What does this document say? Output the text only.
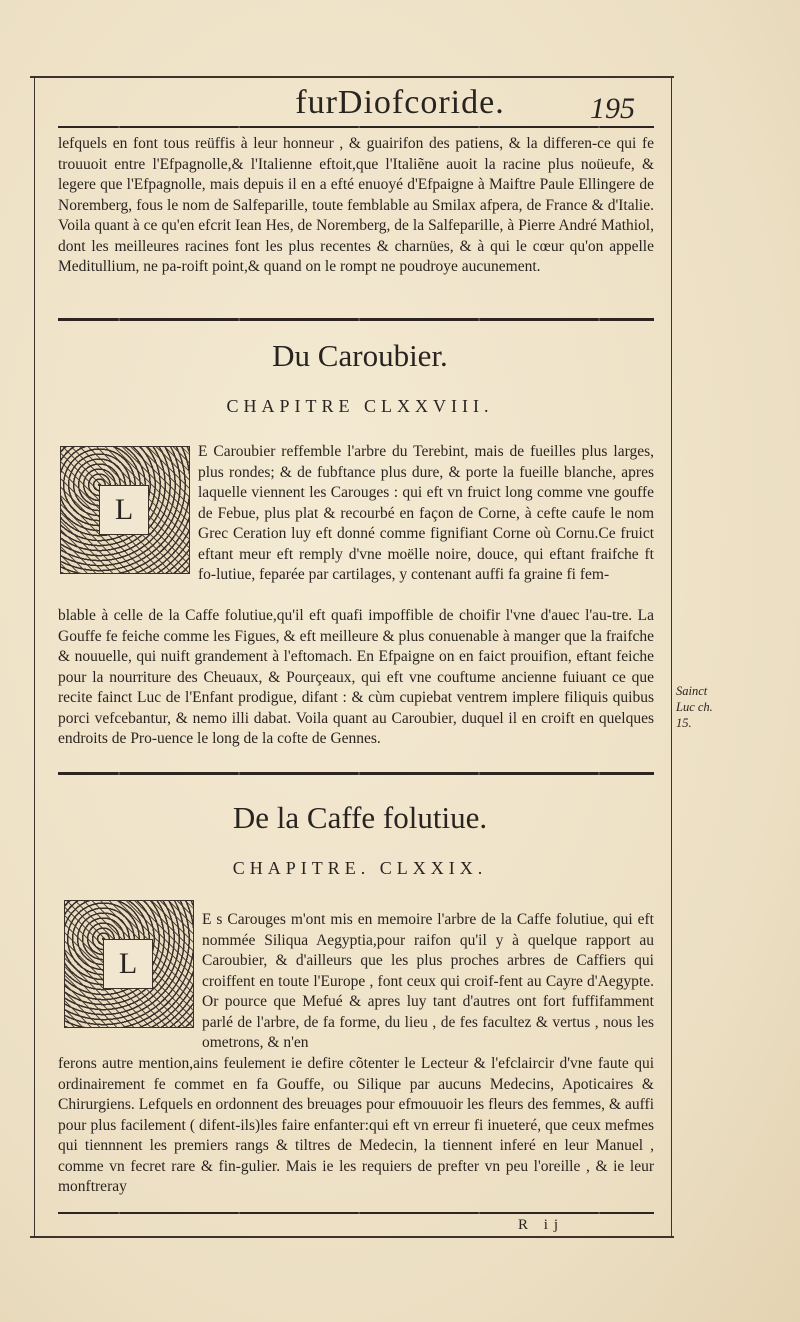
furDiofcoride.	195

lefquels en font tous reüffis à leur honneur , & guairifon des patiens, & la differen-ce qui fe trouuoit entre l'Efpagnolle,& l'Italienne eftoit,que l'Italiẽne auoit la racine plus noüeufe, & legere que l'Efpagnolle, mais depuis il en a efté enuoyé d'Efpaigne à Maiftre Paule Ellingere de Noremberg, fous le nom de Salfeparille, toute femblable au Smilax afpera, de France & d'Italie. Voila quant à ce qu'en efcrit Iean Hes, de Noremberg, de la Salfeparille, à Pierre André Mathiol, dont les meilleures racines font les plus recentes & charnües, & à qui le cœur qu'on appelle Meditullium, ne pa-roift point,& quand on le rompt ne poudroye aucunement.

Du Caroubier.
CHAPITRE CLXXVIII.
L

E Caroubier reffemble l'arbre du Terebint, mais de fueilles plus larges, plus rondes; & de fubftance plus dure, & porte la fueille blanche, apres laquelle viennent les Carouges : qui eft vn fruict long comme vne gouffe de Febue, plus plat & recourbé en façon de Corne, à cefte caufe le nom Grec Ceration luy eft donné comme fignifiant Corne où Cornu.Ce fruict eftant meur eft remply d'vne moëlle noire, douce, qui eftant fraifche ft fo-lutiue, feparée par cartilages, y contenant auffi fa graine fi fem-

blable à celle de la Caffe folutiue,qu'il eft quafi impoffible de choifir l'vne d'auec l'au-tre. La Gouffe fe feiche comme les Figues, & eft meilleure & plus conuenable à manger que la fraifche & nouuelle, qui nuift grandement à l'eftomach. En Efpaigne on en faict prouifion, eftant feiche pour la nourriture des Cheuaux, & Pourçeaux, qui eft vne couftume ancienne fuiuant ce que recite fainct Luc de l'Enfant prodigue, difant : & cùm cupiebat ventrem implere filiquis quibus porci vefcebantur, & nemo illi dabat. Voila quant au Caroubier, duquel il en croift en quelques endroits de Pro-uence le long de la cofte de Gennes.

Sainct
Luc ch.
15.
De la Caffe folutiue.
CHAPITRE. CLXXIX.
L

E s Carouges m'ont mis en memoire l'arbre de la Caffe folutiue, qui eft nommée Siliqua Aegyptia,pour raifon qu'il y à quelque rapport au Caroubier, & d'ailleurs que les plus proches arbres de Caffiers qui croiffent en toute l'Europe , font ceux qui croif-fent au Cayre d'Aegypte. Or pource que Mefué & apres luy tant d'autres ont fort fuffifamment parlé de l'arbre, de fa forme, du lieu , de fes facultez & vertus , nous les ometrons, & n'en

ferons autre mention,ains feulement ie defire cõtenter le Lecteur & l'efclaircir d'vne faute qui ordinairement fe commet en fa Gouffe, ou Silique par aucuns Medecins, Apoticaires & Chirurgiens. Lefquels en ordonnent des breuages pour efmouuoir les fleurs des femmes, & auffi pour plus facilement ( difent-ils)les faire enfanter:qui eft vn erreur fi inueteré, que ceux mefmes qui tiennnent les premiers rangs & tiltres de Medecin, la tiennent inferé en leur Manuel , comme vn fecret rare & fin-gulier. Mais ie les requiers de prefter vn peu l'oreille , & ie leur monftreray

R ij
